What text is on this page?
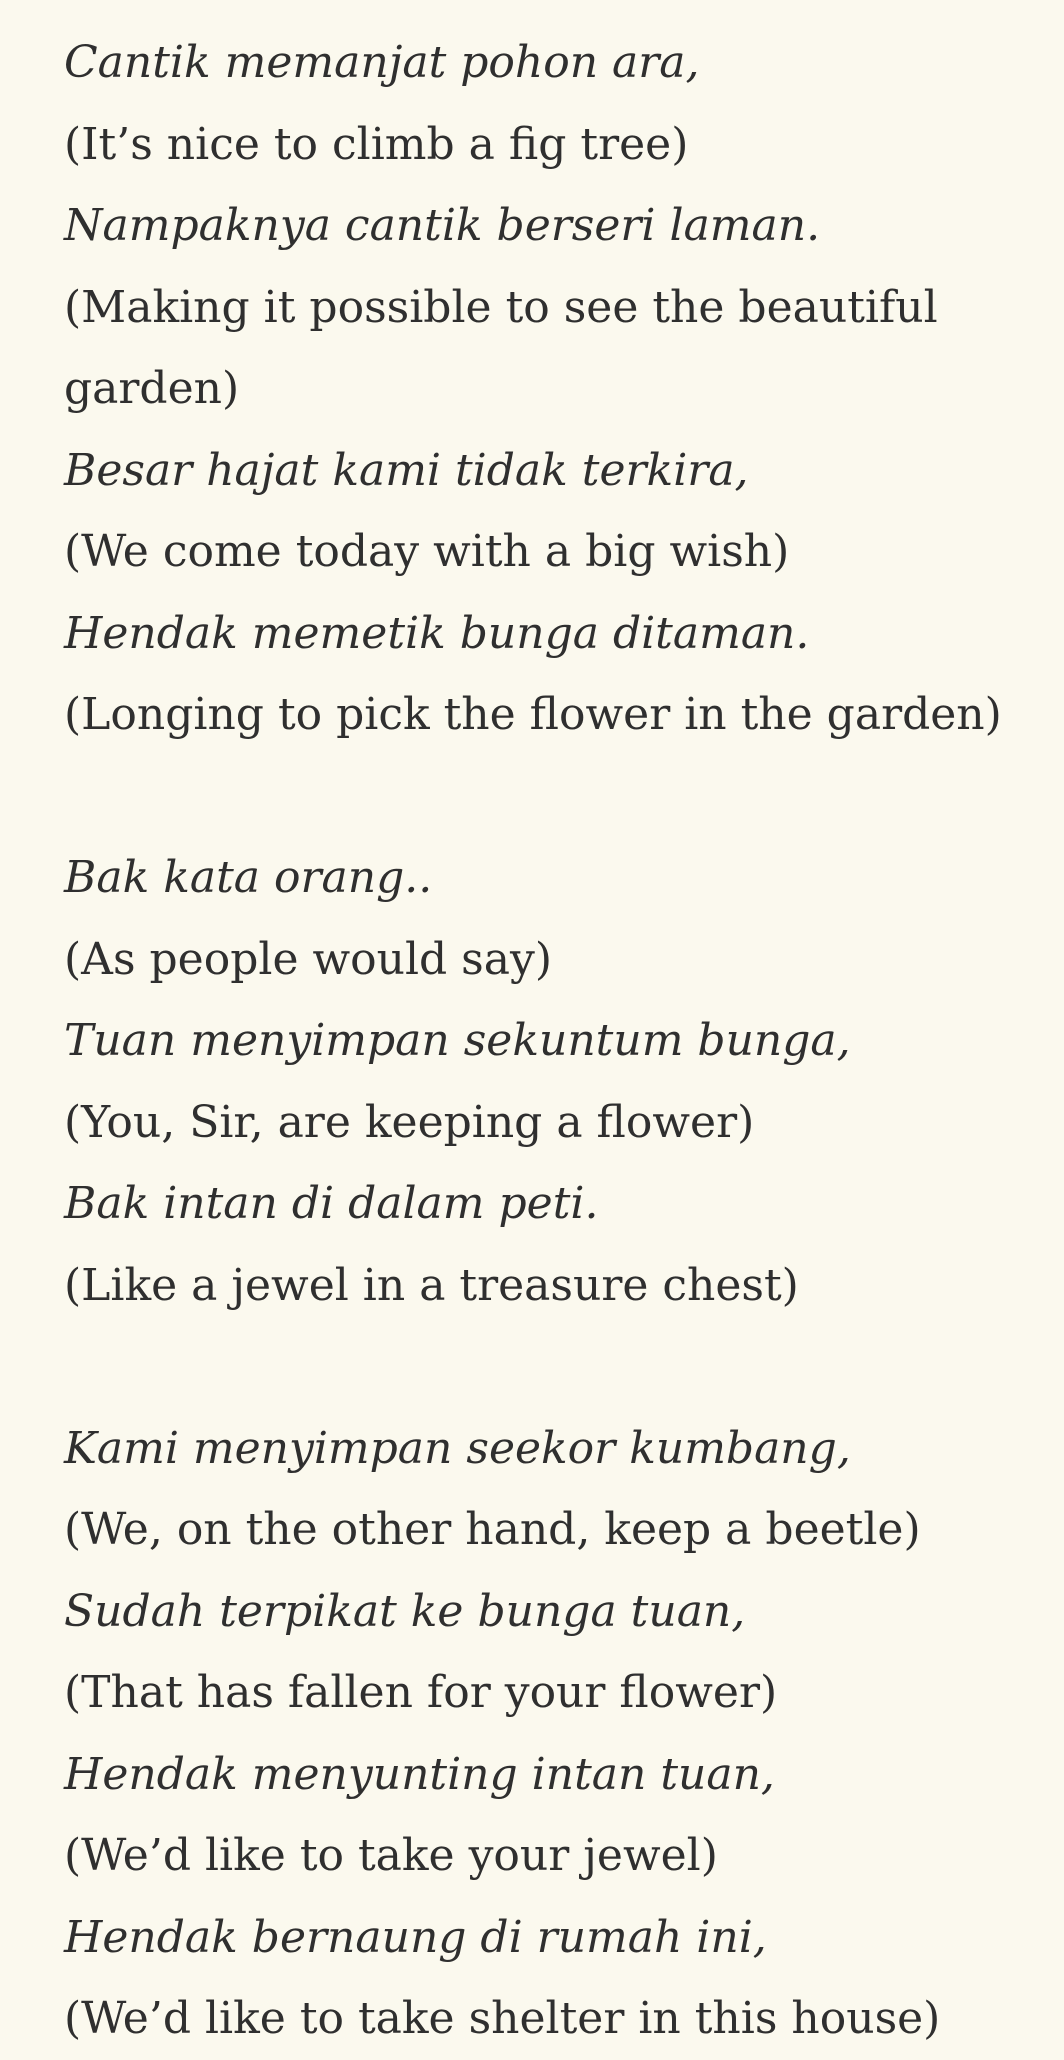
Cantik memanjat pohon ara,
(It’s nice to climb a fig tree)
Nampaknya cantik berseri laman.
(Making it possible to see the beautiful garden)
Besar hajat kami tidak terkira,
(We come today with a big wish)
Hendak memetik bunga ditaman.
(Longing to pick the flower in the garden)
Bak kata orang..
(As people would say)
Tuan menyimpan sekuntum bunga,
(You, Sir, are keeping a flower)
Bak intan di dalam peti.
(Like a jewel in a treasure chest)
Kami menyimpan seekor kumbang,
(We, on the other hand, keep a beetle)
Sudah terpikat ke bunga tuan,
(That has fallen for your flower)
Hendak menyunting intan tuan,
(We’d like to take your jewel)
Hendak bernaung di rumah ini,
(We’d like to take shelter in this house)
